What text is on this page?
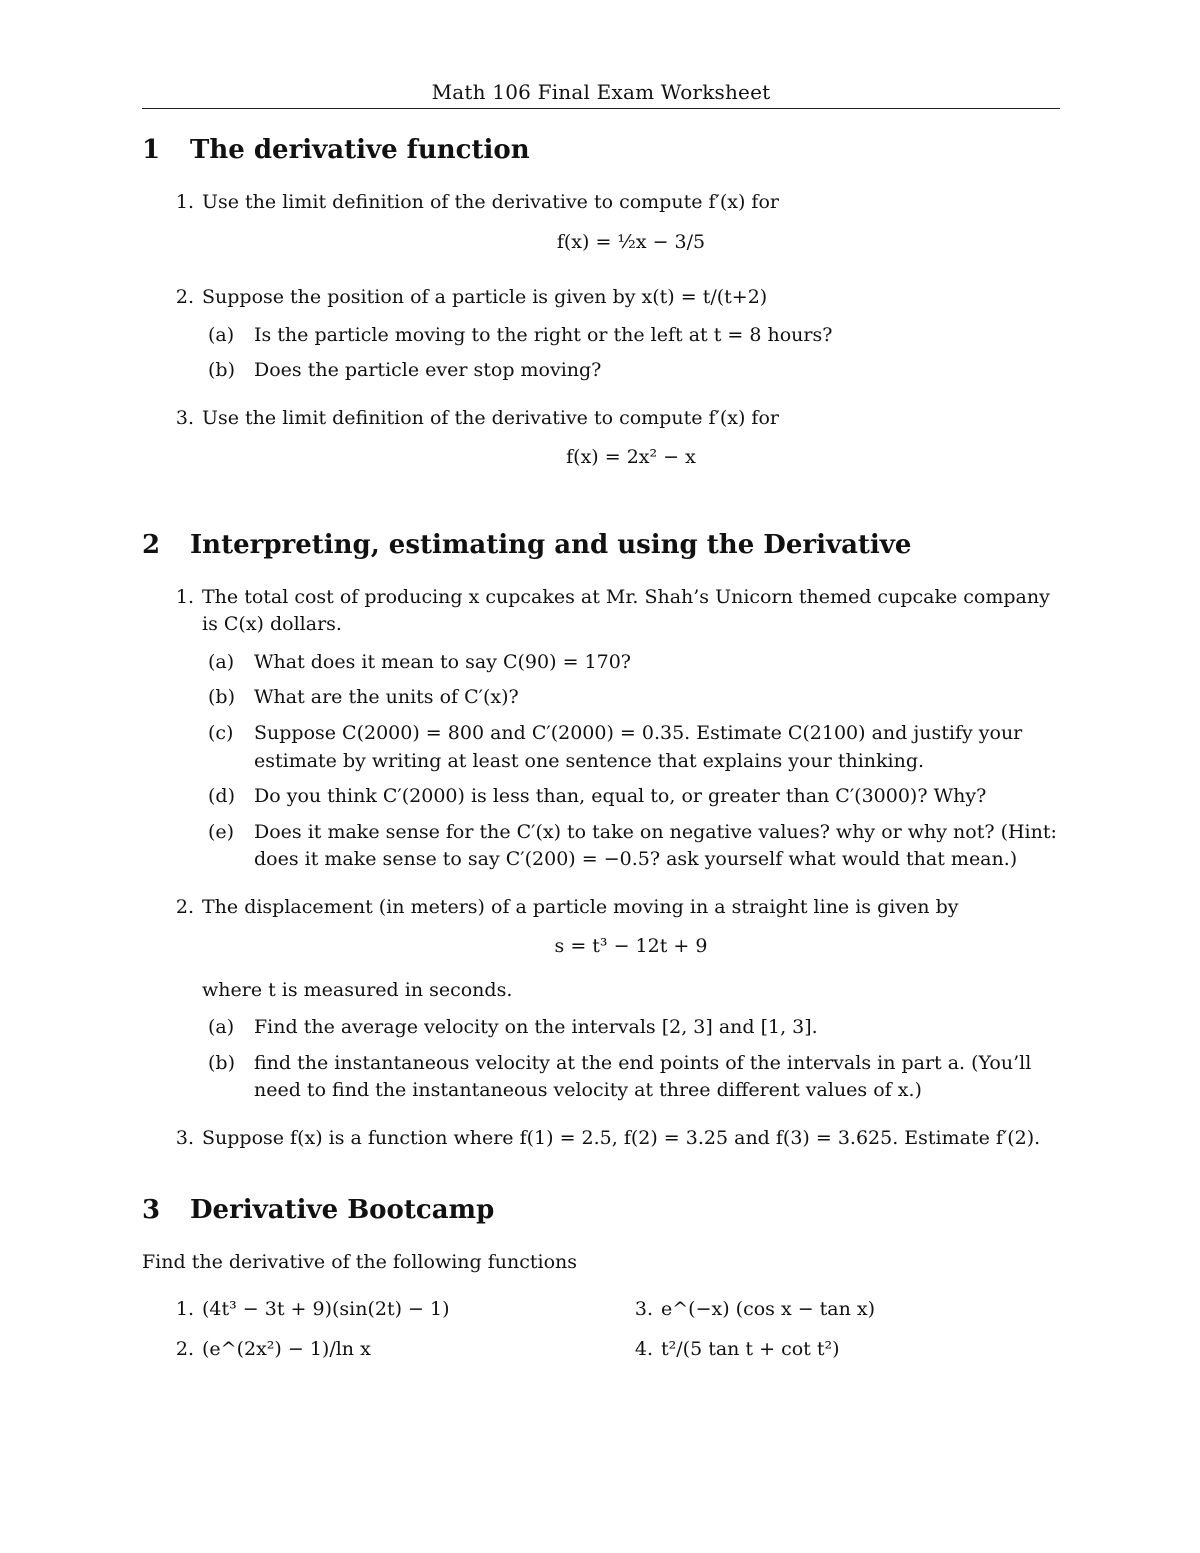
Math 106 Final Exam Worksheet
1	The derivative function
1. Use the limit definition of the derivative to compute f′(x) for
f(x) = ½x − 3/5
2. Suppose the position of a particle is given by x(t) = t/(t+2)
(a)	Is the particle moving to the right or the left at t = 8 hours?
(b)	Does the particle ever stop moving?
3. Use the limit definition of the derivative to compute f′(x) for
f(x) = 2x² − x
2	Interpreting, estimating and using the Derivative
1. The total cost of producing x cupcakes at Mr. Shah’s Unicorn themed cupcake company is C(x) dollars.
(a)	What does it mean to say C(90) = 170?
(b)	What are the units of C′(x)?
(c)	Suppose C(2000) = 800 and C′(2000) = 0.35. Estimate C(2100) and justify your estimate by writing at least one sentence that explains your thinking.
(d)	Do you think C′(2000) is less than, equal to, or greater than C′(3000)? Why?
(e)	Does it make sense for the C′(x) to take on negative values? why or why not? (Hint: does it make sense to say C′(200) = −0.5? ask yourself what would that mean.)
2. The displacement (in meters) of a particle moving in a straight line is given by
s = t³ − 12t + 9
where t is measured in seconds.
(a)	Find the average velocity on the intervals [2, 3] and [1, 3].
(b)	find the instantaneous velocity at the end points of the intervals in part a. (You’ll need to find the instantaneous velocity at three different values of x.)
3. Suppose f(x) is a function where f(1) = 2.5, f(2) = 3.25 and f(3) = 3.625. Estimate f′(2).
3	Derivative Bootcamp

Find the derivative of the following functions

1. (4t³ − 3t + 9)(sin(2t) − 1)	3. e^(−x) (cos x − tan x)
2. (e^(2x²) − 1)/ln x	4. t²/(5 tan t + cot t²)
